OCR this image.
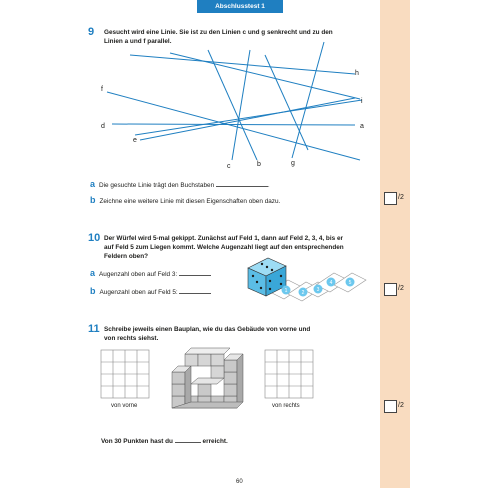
Abschlusstest 1
9 Gesucht wird eine Linie. Sie ist zu den Linien c und g senkrecht und zu den
Linien a und f parallel.
h
f
i
d	a
e
c	b	g
a Die gesuchte Linie trägt den Buchstaben	.
b Zeichne eine weitere Linie mit diesen Eigenschaften oben dazu.
/2
10 Der Würfel wird 5-mal gekippt. Zunächst auf Feld 1, dann auf Feld 2, 3, 4, bis er
auf Feld 5 zum Liegen kommt. Welche Augenzahl liegt auf den entsprechenden
Feldern oben?
a Augenzahl oben auf Feld 3:
b Augenzahl oben auf Feld 5:	1	2 3
4	5
/2
11 Schreibe jeweils einen Bauplan, wie du das Gebäude von vorne und
von rechts siehst.
von vorne	von rechts	/2
Von 30 Punkten hast du	erreicht.
60
